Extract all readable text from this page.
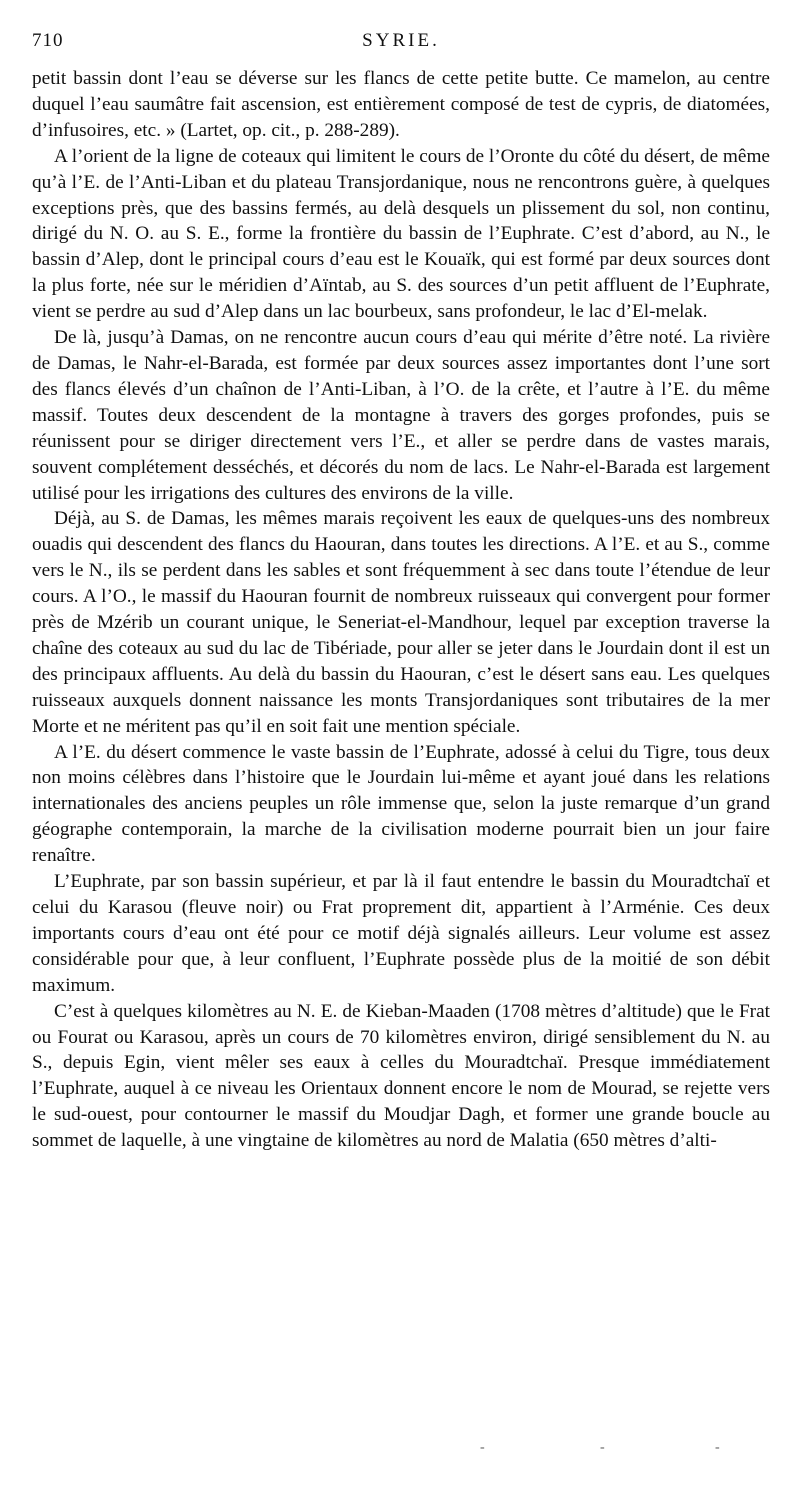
710	SYRIE.

petit bassin dont l’eau se déverse sur les flancs de cette petite butte. Ce mamelon, au centre duquel l’eau saumâtre fait ascension, est entièrement composé de test de cypris, de diatomées, d’infusoires, etc. » (Lartet, op. cit., p. 288-289).

A l’orient de la ligne de coteaux qui limitent le cours de l’Oronte du côté du désert, de même qu’à l’E. de l’Anti-Liban et du plateau Transjordanique, nous ne rencontrons guère, à quelques exceptions près, que des bassins fermés, au delà desquels un plissement du sol, non continu, dirigé du N. O. au S. E., forme la frontière du bassin de l’Euphrate. C’est d’abord, au N., le bassin d’Alep, dont le principal cours d’eau est le Kouaïk, qui est formé par deux sources dont la plus forte, née sur le méridien d’Aïntab, au S. des sources d’un petit affluent de l’Euphrate, vient se perdre au sud d’Alep dans un lac bourbeux, sans profondeur, le lac d’El-melak.

De là, jusqu’à Damas, on ne rencontre aucun cours d’eau qui mérite d’être noté. La rivière de Damas, le Nahr-el-Barada, est formée par deux sources assez importantes dont l’une sort des flancs élevés d’un chaînon de l’Anti-Liban, à l’O. de la crête, et l’autre à l’E. du même massif. Toutes deux descendent de la montagne à travers des gorges profondes, puis se réunissent pour se diriger directement vers l’E., et aller se perdre dans de vastes marais, souvent complétement desséchés, et décorés du nom de lacs. Le Nahr-el-Barada est largement utilisé pour les irrigations des cultures des environs de la ville.

Déjà, au S. de Damas, les mêmes marais reçoivent les eaux de quelques-uns des nombreux ouadis qui descendent des flancs du Haouran, dans toutes les directions. A l’E. et au S., comme vers le N., ils se perdent dans les sables et sont fréquemment à sec dans toute l’étendue de leur cours. A l’O., le massif du Haouran fournit de nombreux ruisseaux qui convergent pour former près de Mzérib un courant unique, le Seneriat-el-Mandhour, lequel par exception traverse la chaîne des coteaux au sud du lac de Tibériade, pour aller se jeter dans le Jourdain dont il est un des principaux affluents. Au delà du bassin du Haouran, c’est le désert sans eau. Les quelques ruisseaux auxquels donnent naissance les monts Transjordaniques sont tributaires de la mer Morte et ne méritent pas qu’il en soit fait une mention spéciale.

A l’E. du désert commence le vaste bassin de l’Euphrate, adossé à celui du Tigre, tous deux non moins célèbres dans l’histoire que le Jourdain lui-même et ayant joué dans les relations internationales des anciens peuples un rôle immense que, selon la juste remarque d’un grand géographe contemporain, la marche de la civilisation moderne pourrait bien un jour faire renaître.

L’Euphrate, par son bassin supérieur, et par là il faut entendre le bassin du Mouradtchaï et celui du Karasou (fleuve noir) ou Frat proprement dit, appartient à l’Arménie. Ces deux importants cours d’eau ont été pour ce motif déjà signalés ailleurs. Leur volume est assez considérable pour que, à leur confluent, l’Euphrate possède plus de la moitié de son débit maximum.

C’est à quelques kilomètres au N. E. de Kieban-Maaden (1708 mètres d’altitude) que le Frat ou Fourat ou Karasou, après un cours de 70 kilomètres environ, dirigé sensiblement du N. au S., depuis Egin, vient mêler ses eaux à celles du Mouradtchaï. Presque immédiatement l’Euphrate, auquel à ce niveau les Orientaux donnent encore le nom de Mourad, se rejette vers le sud-ouest, pour contourner le massif du Moudjar Dagh, et former une grande boucle au sommet de laquelle, à une vingtaine de kilomètres au nord de Malatia (650 mètres d’alti-

-	-	-
